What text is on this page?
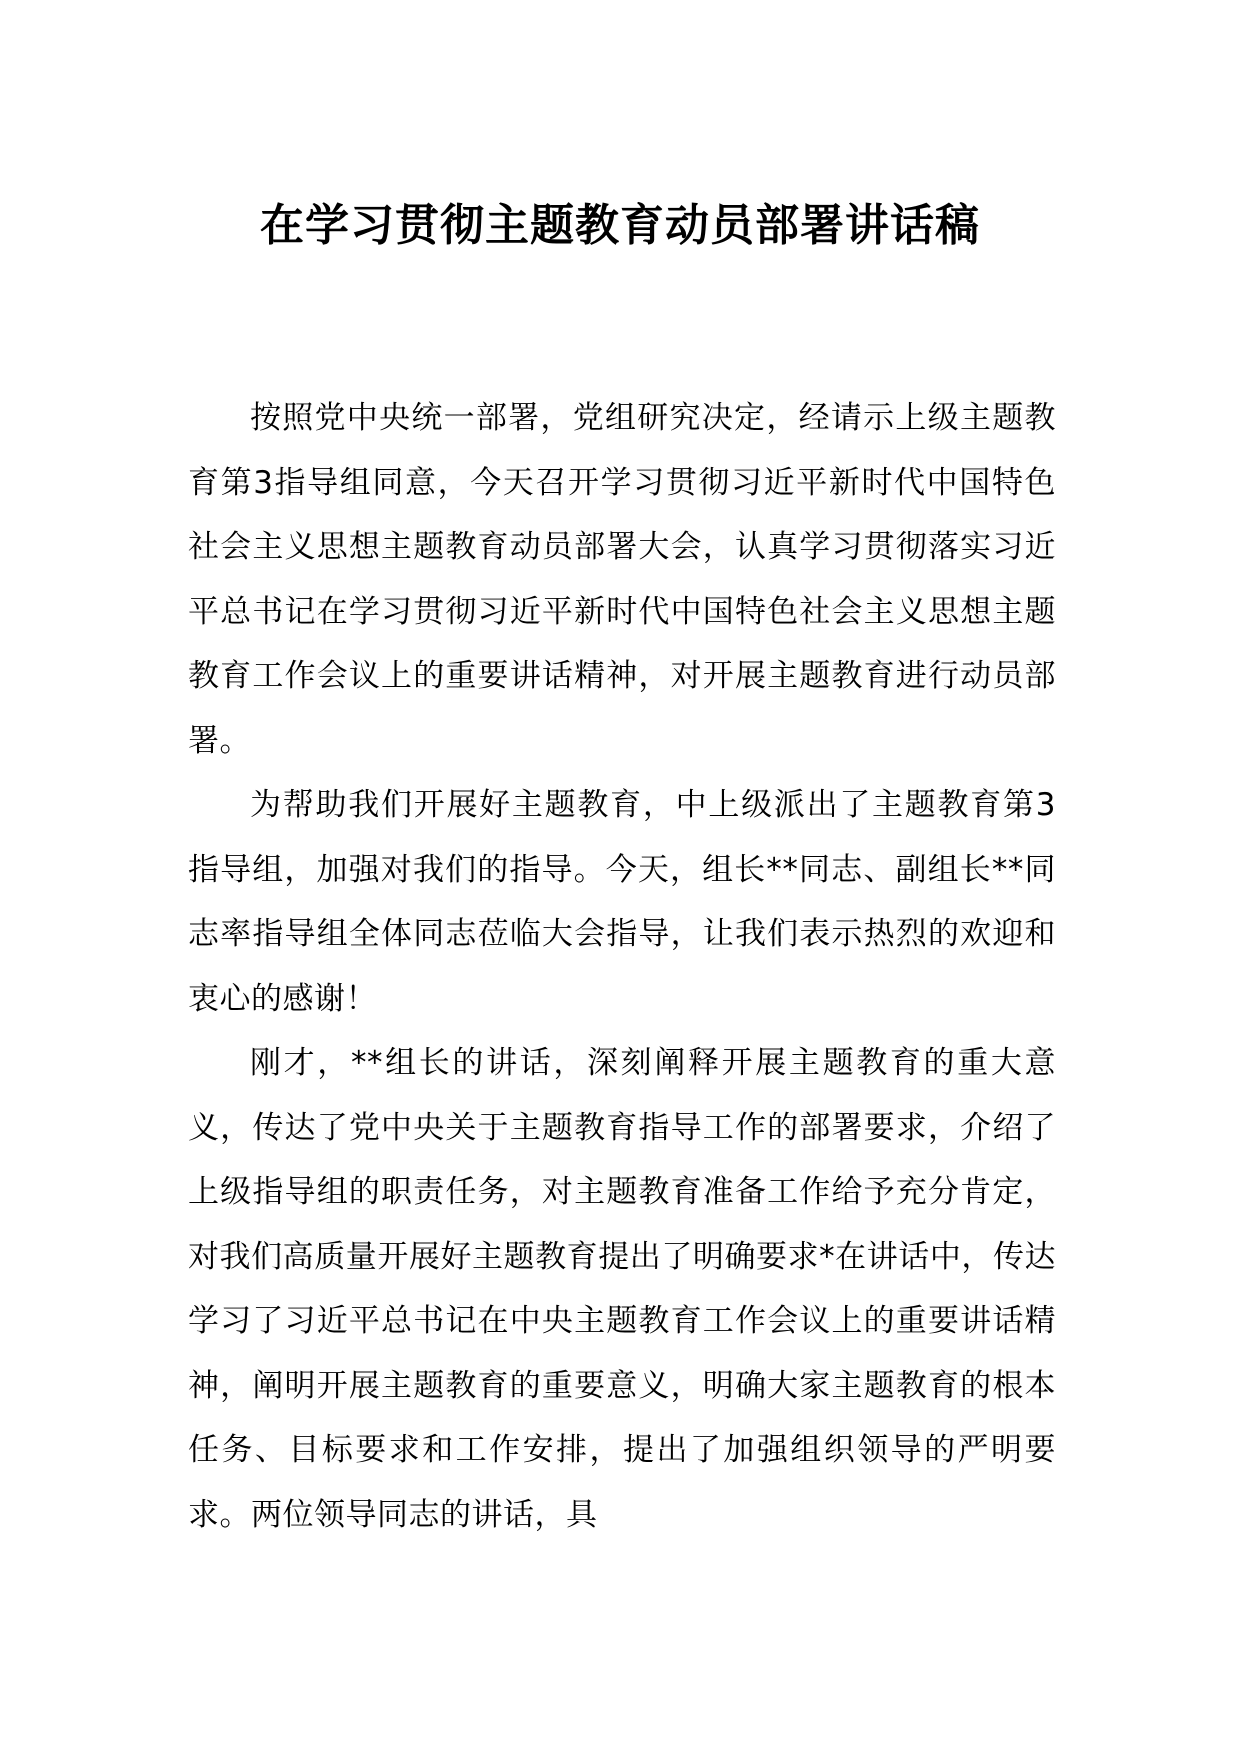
在学习贯彻主题教育动员部署讲话稿

按照党中央统一部署，党组研究决定，经请示上级主题教育第3指导组同意，今天召开学习贯彻习近平新时代中国特色社会主义思想主题教育动员部署大会，认真学习贯彻落实习近平总书记在学习贯彻习近平新时代中国特色社会主义思想主题教育工作会议上的重要讲话精神，对开展主题教育进行动员部署。

为帮助我们开展好主题教育，中上级派出了主题教育第3指导组，加强对我们的指导。今天，组长**同志、副组长**同志率指导组全体同志莅临大会指导，让我们表示热烈的欢迎和衷心的感谢！

刚才，**组长的讲话，深刻阐释开展主题教育的重大意义，传达了党中央关于主题教育指导工作的部署要求，介绍了上级指导组的职责任务，对主题教育准备工作给予充分肯定，对我们高质量开展好主题教育提出了明确要求*在讲话中，传达学习了习近平总书记在中央主题教育工作会议上的重要讲话精神，阐明开展主题教育的重要意义，明确大家主题教育的根本任务、目标要求和工作安排，提出了加强组织领导的严明要求。两位领导同志的讲话，具
